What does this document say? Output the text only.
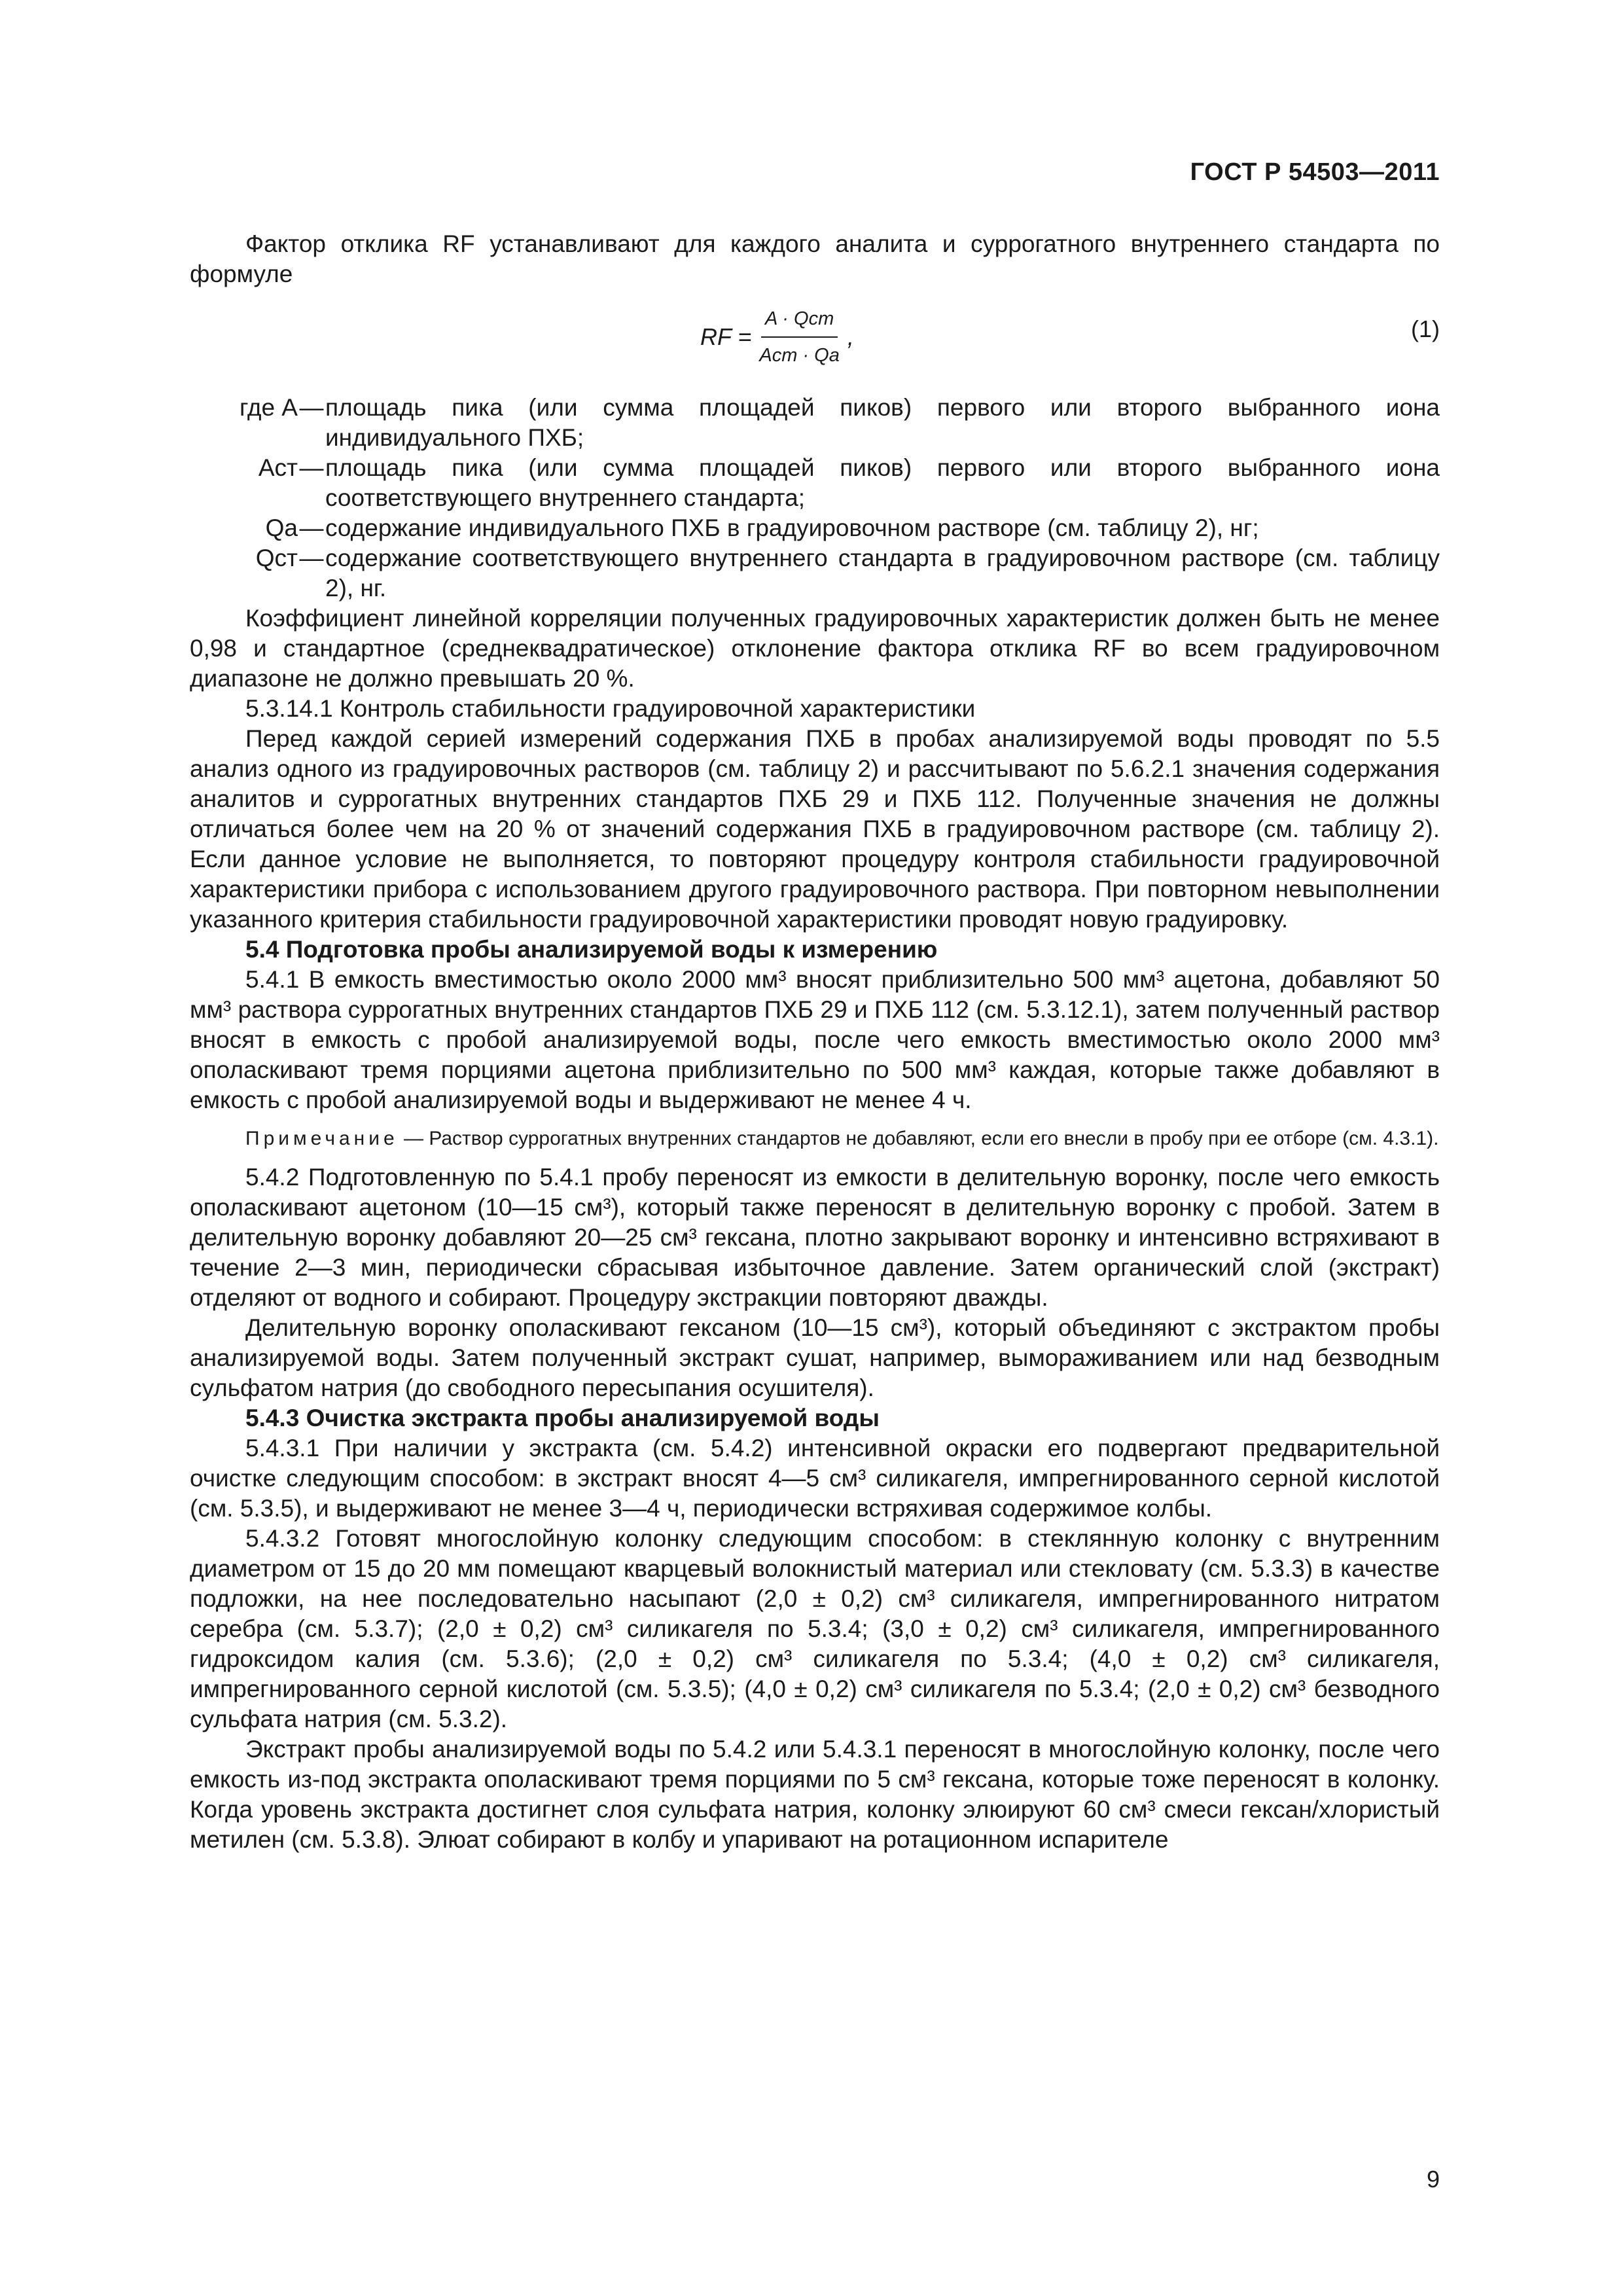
ГОСТ Р 54503—2011

Фактор отклика RF устанавливают для каждого аналита и суррогатного внутреннего стандарта по формуле

RF = $\frac{\text{A · Qст}}{\text{Aст · Qa}}$ ,	(1)
где A — площадь пика (или сумма площадей пиков) первого или второго выбранного иона индивидуального ПХБ;
Aст — площадь пика (или сумма площадей пиков) первого или второго выбранного иона соответствующего внутреннего стандарта;
Qa — содержание индивидуального ПХБ в градуировочном растворе (см. таблицу 2), нг;
Qст — содержание соответствующего внутреннего стандарта в градуировочном растворе (см. таблицу 2), нг.

Коэффициент линейной корреляции полученных градуировочных характеристик должен быть не менее 0,98 и стандартное (среднеквадратическое) отклонение фактора отклика RF во всем градуировочном диапазоне не должно превышать 20 %.

5.3.14.1 Контроль стабильности градуировочной характеристики

Перед каждой серией измерений содержания ПХБ в пробах анализируемой воды проводят по 5.5 анализ одного из градуировочных растворов (см. таблицу 2) и рассчитывают по 5.6.2.1 значения содержания аналитов и суррогатных внутренних стандартов ПХБ 29 и ПХБ 112. Полученные значения не должны отличаться более чем на 20 % от значений содержания ПХБ в градуировочном растворе (см. таблицу 2). Если данное условие не выполняется, то повторяют процедуру контроля стабильности градуировочной характеристики прибора с использованием другого градуировочного раствора. При повторном невыполнении указанного критерия стабильности градуировочной характеристики проводят новую градуировку.

5.4 Подготовка пробы анализируемой воды к измерению

5.4.1 В емкость вместимостью около 2000 мм³ вносят приблизительно 500 мм³ ацетона, добавляют 50 мм³ раствора суррогатных внутренних стандартов ПХБ 29 и ПХБ 112 (см. 5.3.12.1), затем полученный раствор вносят в емкость с пробой анализируемой воды, после чего емкость вместимостью около 2000 мм³ ополаскивают тремя порциями ацетона приблизительно по 500 мм³ каждая, которые также добавляют в емкость с пробой анализируемой воды и выдерживают не менее 4 ч.

Примечание — Раствор суррогатных внутренних стандартов не добавляют, если его внесли в пробу при ее отборе (см. 4.3.1).

5.4.2 Подготовленную по 5.4.1 пробу переносят из емкости в делительную воронку, после чего емкость ополаскивают ацетоном (10—15 см³), который также переносят в делительную воронку с пробой. Затем в делительную воронку добавляют 20—25 см³ гексана, плотно закрывают воронку и интенсивно встряхивают в течение 2—3 мин, периодически сбрасывая избыточное давление. Затем органический слой (экстракт) отделяют от водного и собирают. Процедуру экстракции повторяют дважды.

Делительную воронку ополаскивают гексаном (10—15 см³), который объединяют с экстрактом пробы анализируемой воды. Затем полученный экстракт сушат, например, вымораживанием или над безводным сульфатом натрия (до свободного пересыпания осушителя).

5.4.3 Очистка экстракта пробы анализируемой воды

5.4.3.1 При наличии у экстракта (см. 5.4.2) интенсивной окраски его подвергают предварительной очистке следующим способом: в экстракт вносят 4—5 см³ силикагеля, импрегнированного серной кислотой (см. 5.3.5), и выдерживают не менее 3—4 ч, периодически встряхивая содержимое колбы.

5.4.3.2 Готовят многослойную колонку следующим способом: в стеклянную колонку с внутренним диаметром от 15 до 20 мм помещают кварцевый волокнистый материал или стекловату (см. 5.3.3) в качестве подложки, на нее последовательно насыпают (2,0 ± 0,2) см³ силикагеля, импрегнированного нитратом серебра (см. 5.3.7); (2,0 ± 0,2) см³ силикагеля по 5.3.4; (3,0 ± 0,2) см³ силикагеля, импрегнированного гидроксидом калия (см. 5.3.6); (2,0 ± 0,2) см³ силикагеля по 5.3.4; (4,0 ± 0,2) см³ силикагеля, импрегнированного серной кислотой (см. 5.3.5); (4,0 ± 0,2) см³ силикагеля по 5.3.4; (2,0 ± 0,2) см³ безводного сульфата натрия (см. 5.3.2).

Экстракт пробы анализируемой воды по 5.4.2 или 5.4.3.1 переносят в многослойную колонку, после чего емкость из-под экстракта ополаскивают тремя порциями по 5 см³ гексана, которые тоже переносят в колонку. Когда уровень экстракта достигнет слоя сульфата натрия, колонку элюируют 60 см³ смеси гексан/хлористый метилен (см. 5.3.8). Элюат собирают в колбу и упаривают на ротационном испарителе

9
